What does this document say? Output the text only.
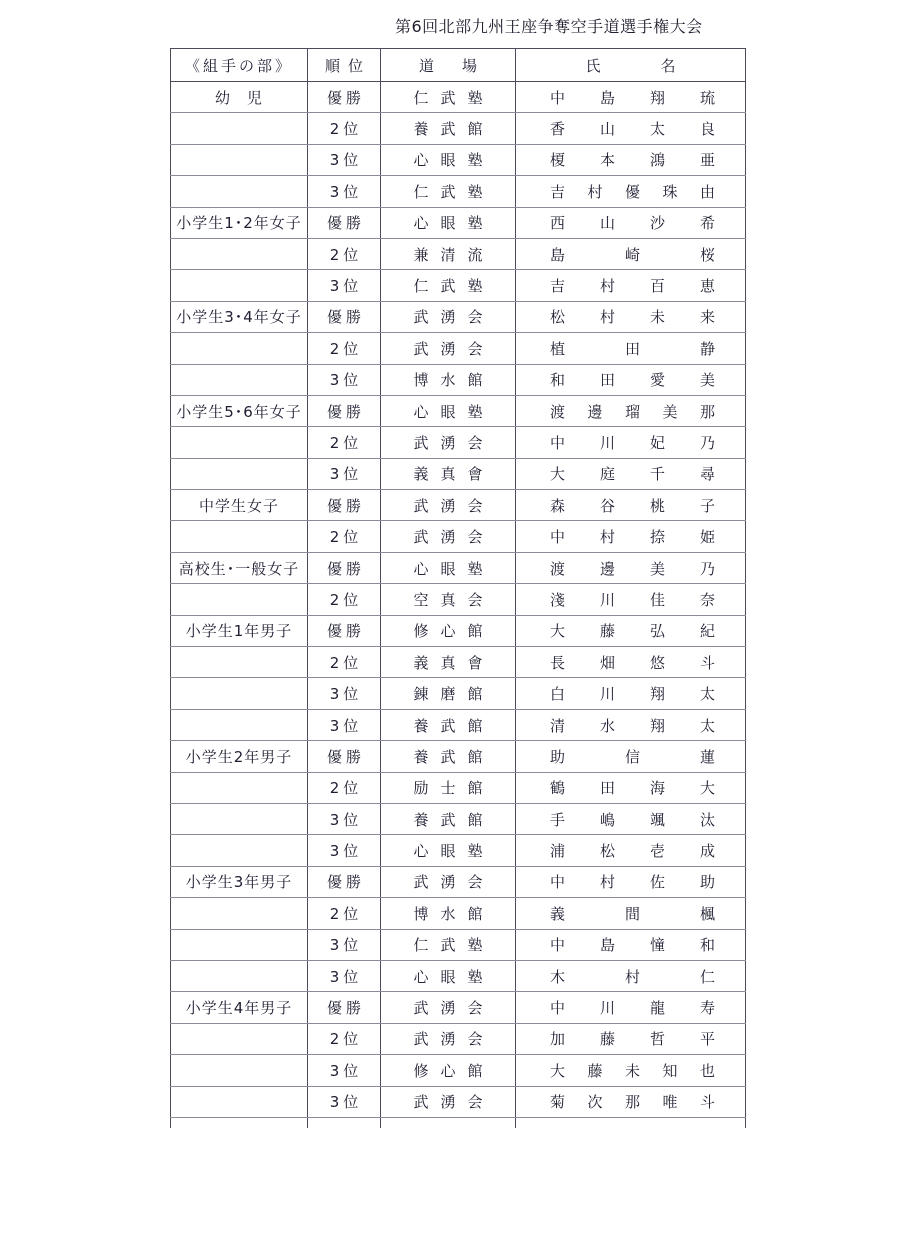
第6回北部九州王座争奪空手道選手権大会
《組手の部》	順位	道場	氏名
幼　児	優勝	仁武塾	中島翔琉
	2位	養武館	香山太良
	3位	心眼塾	榎本鴻亜
	3位	仁武塾	吉村優珠由
小学生1･2年女子	優勝	心眼塾	西山沙希
	2位	兼清流	島崎桜
	3位	仁武塾	吉村百恵
小学生3･4年女子	優勝	武湧会	松村未来
	2位	武湧会	植田静
	3位	博水館	和田愛美
小学生5･6年女子	優勝	心眼塾	渡邊瑠美那
	2位	武湧会	中川妃乃
	3位	義真會	大庭千尋
中学生女子	優勝	武湧会	森谷桃子
	2位	武湧会	中村捺姫
高校生･一般女子	優勝	心眼塾	渡邊美乃
	2位	空真会	淺川佳奈
小学生1年男子	優勝	修心館	大藤弘紀
	2位	義真會	長畑悠斗
	3位	錬磨館	白川翔太
	3位	養武館	清水翔太
小学生2年男子	優勝	養武館	助信蓮
	2位	励士館	鶴田海大
	3位	養武館	手嶋颯汰
	3位	心眼塾	浦松壱成
小学生3年男子	優勝	武湧会	中村佐助
	2位	博水館	義間楓
	3位	仁武塾	中島憧和
	3位	心眼塾	木村仁
小学生4年男子	優勝	武湧会	中川龍寿
	2位	武湧会	加藤哲平
	3位	修心館	大藤未知也
	3位	武湧会	菊次那唯斗
